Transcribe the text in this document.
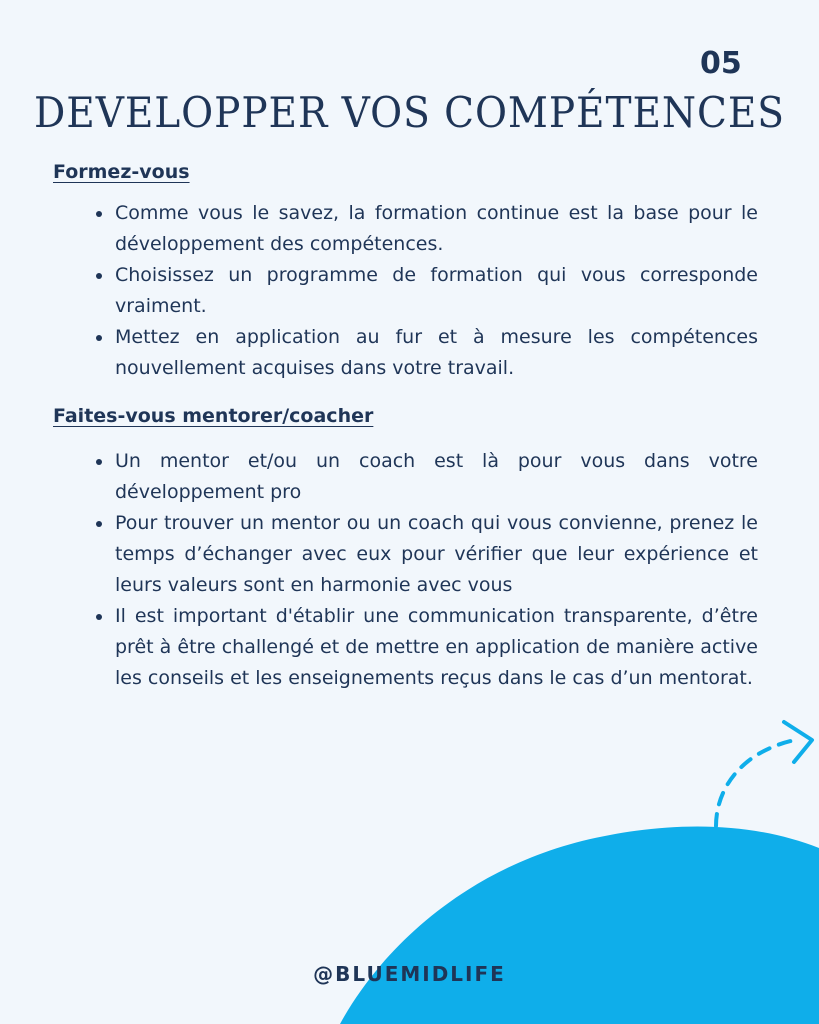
05
DEVELOPPER VOS COMPÉTENCES
Formez-vous
Comme vous le savez, la formation continue est la base pour le développement des compétences.
Choisissez un programme de formation qui vous corresponde vraiment.
Mettez en application au fur et à mesure les compétences nouvellement acquises dans votre travail.
Faites-vous mentorer/coacher
Un mentor et/ou un coach est là pour vous dans votre développement pro
Pour trouver un mentor ou un coach qui vous convienne, prenez le temps d’échanger avec eux pour vérifier que leur expérience et leurs valeurs sont en harmonie avec vous
Il est important d'établir une communication transparente, d’être prêt à être challengé et de mettre en application de manière active les conseils et les enseignements reçus dans le cas d’un mentorat.
@BLUEMIDLIFE
